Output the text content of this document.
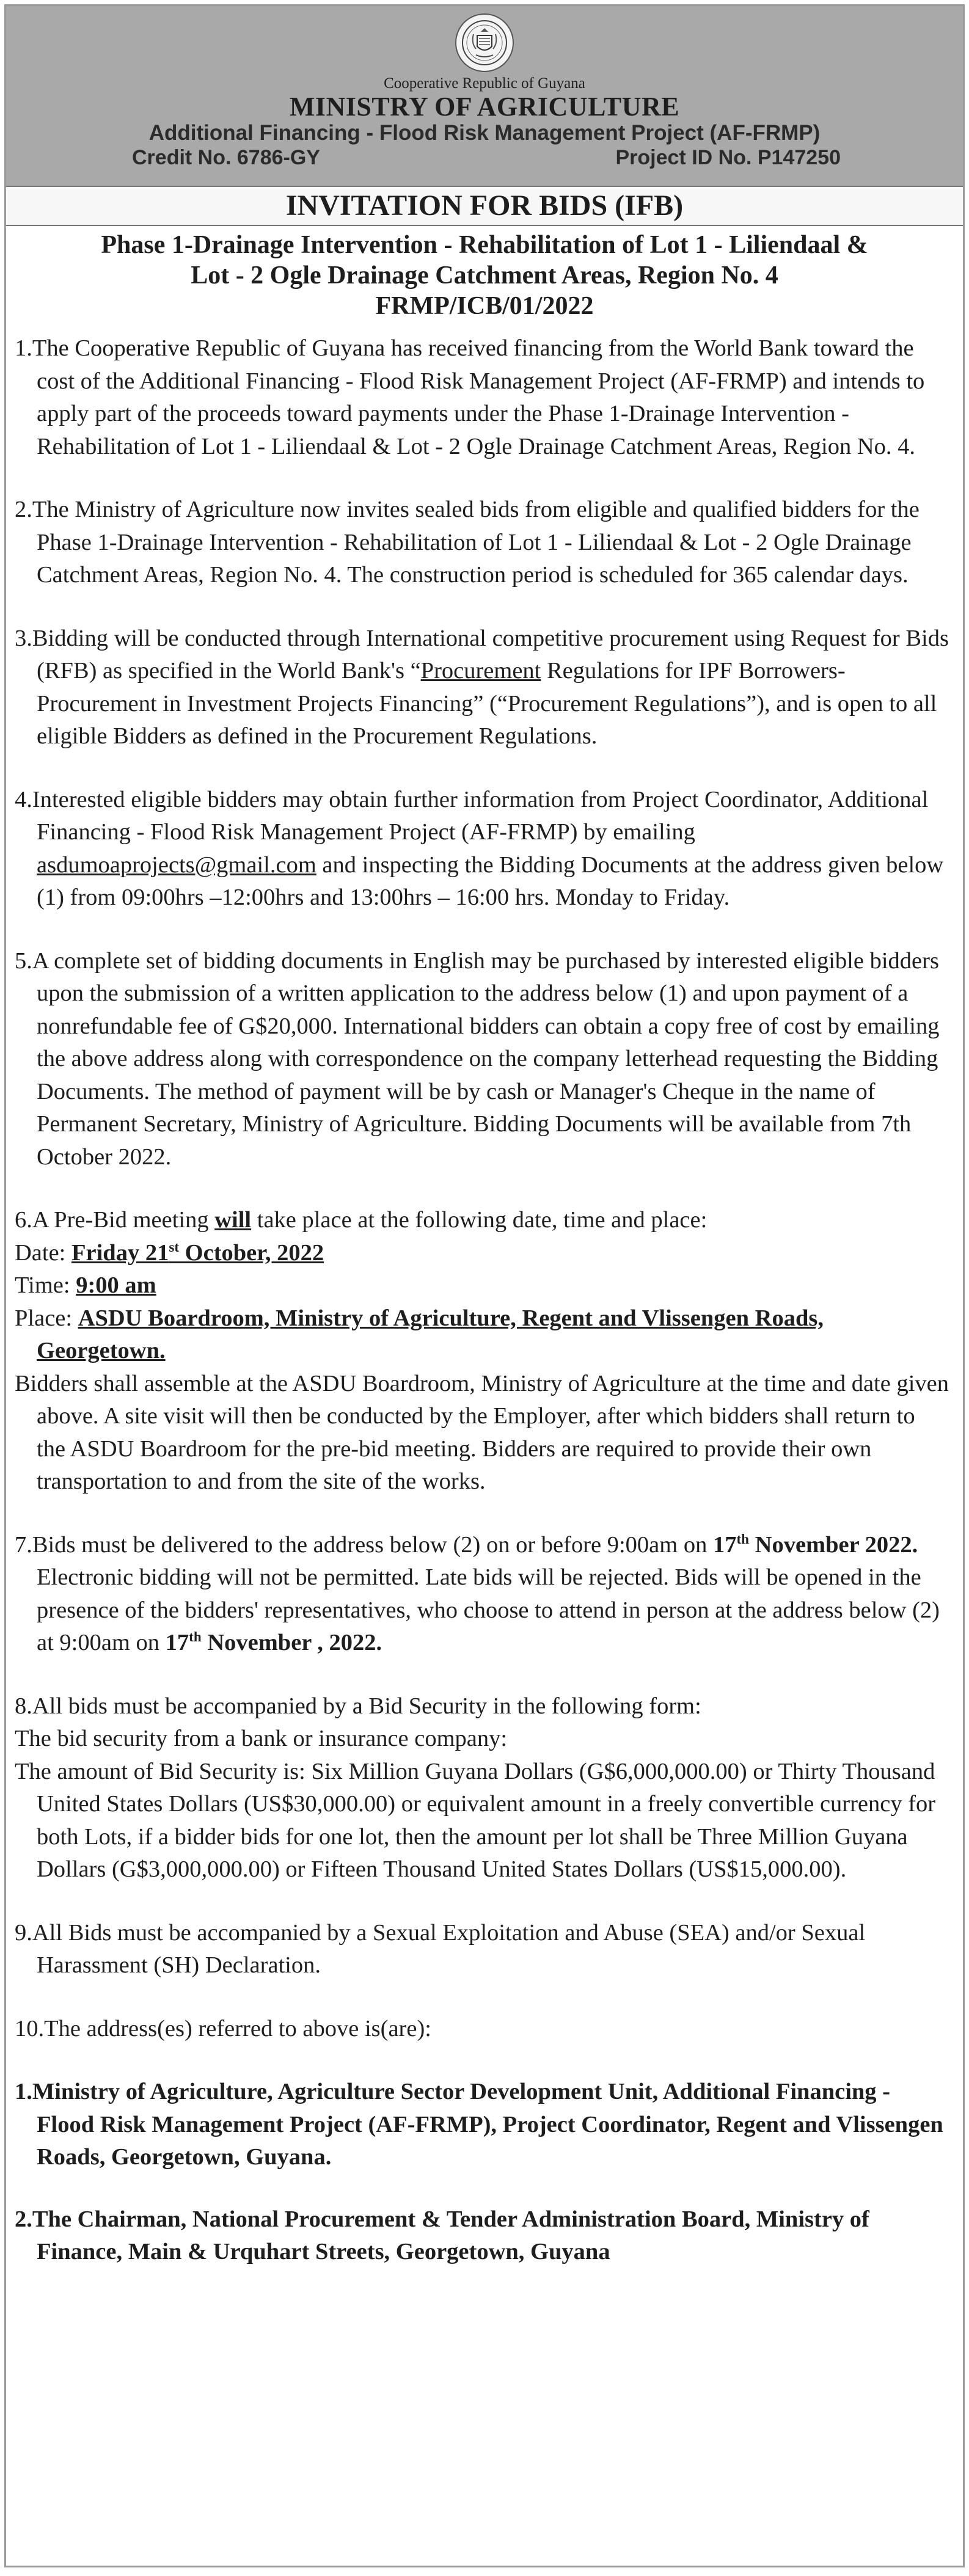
Cooperative Republic of Guyana
MINISTRY OF AGRICULTURE
Additional Financing - Flood Risk Management Project (AF-FRMP)
Credit No. 6786-GY	Project ID No. P147250
INVITATION FOR BIDS (IFB)
Phase 1-Drainage Intervention - Rehabilitation of Lot 1 - Liliendaal &
Lot - 2 Ogle Drainage Catchment Areas, Region No. 4
FRMP/ICB/01/2022
1.The Cooperative Republic of Guyana has received financing from the World Bank toward the cost of the Additional Financing - Flood Risk Management Project (AF-FRMP) and intends to apply part of the proceeds toward payments under the Phase 1-Drainage Intervention - Rehabilitation of Lot 1 - Liliendaal & Lot - 2 Ogle Drainage Catchment Areas, Region No. 4.
2.The Ministry of Agriculture now invites sealed bids from eligible and qualified bidders for the Phase 1-Drainage Intervention - Rehabilitation of Lot 1 - Liliendaal & Lot - 2 Ogle Drainage Catchment Areas, Region No. 4. The construction period is scheduled for 365 calendar days.
3.Bidding will be conducted through International competitive procurement using Request for Bids (RFB) as specified in the World Bank's “Procurement Regulations for IPF Borrowers- Procurement in Investment Projects Financing” (“Procurement Regulations”), and is open to all eligible Bidders as defined in the Procurement Regulations.
4.Interested eligible bidders may obtain further information from Project Coordinator, Additional Financing - Flood Risk Management Project (AF-FRMP) by emailing asdumoaprojects@gmail.com and inspecting the Bidding Documents at the address given below (1) from 09:00hrs –12:00hrs and 13:00hrs – 16:00 hrs. Monday to Friday.
5.A complete set of bidding documents in English may be purchased by interested eligible bidders upon the submission of a written application to the address below (1) and upon payment of a nonrefundable fee of G$20,000. International bidders can obtain a copy free of cost by emailing the above address along with correspondence on the company letterhead requesting the Bidding Documents. The method of payment will be by cash or Manager's Cheque in the name of Permanent Secretary, Ministry of Agriculture. Bidding Documents will be available from 7th October 2022.
6.A Pre-Bid meeting will take place at the following date, time and place:
Date: Friday 21st October, 2022
Time: 9:00 am
Place: ASDU Boardroom, Ministry of Agriculture, Regent and Vlissengen Roads, Georgetown.
Bidders shall assemble at the ASDU Boardroom, Ministry of Agriculture at the time and date given above. A site visit will then be conducted by the Employer, after which bidders shall return to the ASDU Boardroom for the pre-bid meeting. Bidders are required to provide their own transportation to and from the site of the works.
7.Bids must be delivered to the address below (2) on or before 9:00am on 17th November 2022. Electronic bidding will not be permitted. Late bids will be rejected. Bids will be opened in the presence of the bidders' representatives, who choose to attend in person at the address below (2) at 9:00am on 17th November , 2022.
8.All bids must be accompanied by a Bid Security in the following form:
The bid security from a bank or insurance company:
The amount of Bid Security is: Six Million Guyana Dollars (G$6,000,000.00) or Thirty Thousand United States Dollars (US$30,000.00) or equivalent amount in a freely convertible currency for both Lots, if a bidder bids for one lot, then the amount per lot shall be Three Million Guyana Dollars (G$3,000,000.00) or Fifteen Thousand United States Dollars (US$15,000.00).
9.All Bids must be accompanied by a Sexual Exploitation and Abuse (SEA) and/or Sexual Harassment (SH) Declaration.
10.The address(es) referred to above is(are):
1.Ministry of Agriculture, Agriculture Sector Development Unit, Additional Financing - Flood Risk Management Project (AF-FRMP), Project Coordinator, Regent and Vlissengen Roads, Georgetown, Guyana.
2.The Chairman, National Procurement & Tender Administration Board, Ministry of Finance, Main & Urquhart Streets, Georgetown, Guyana
